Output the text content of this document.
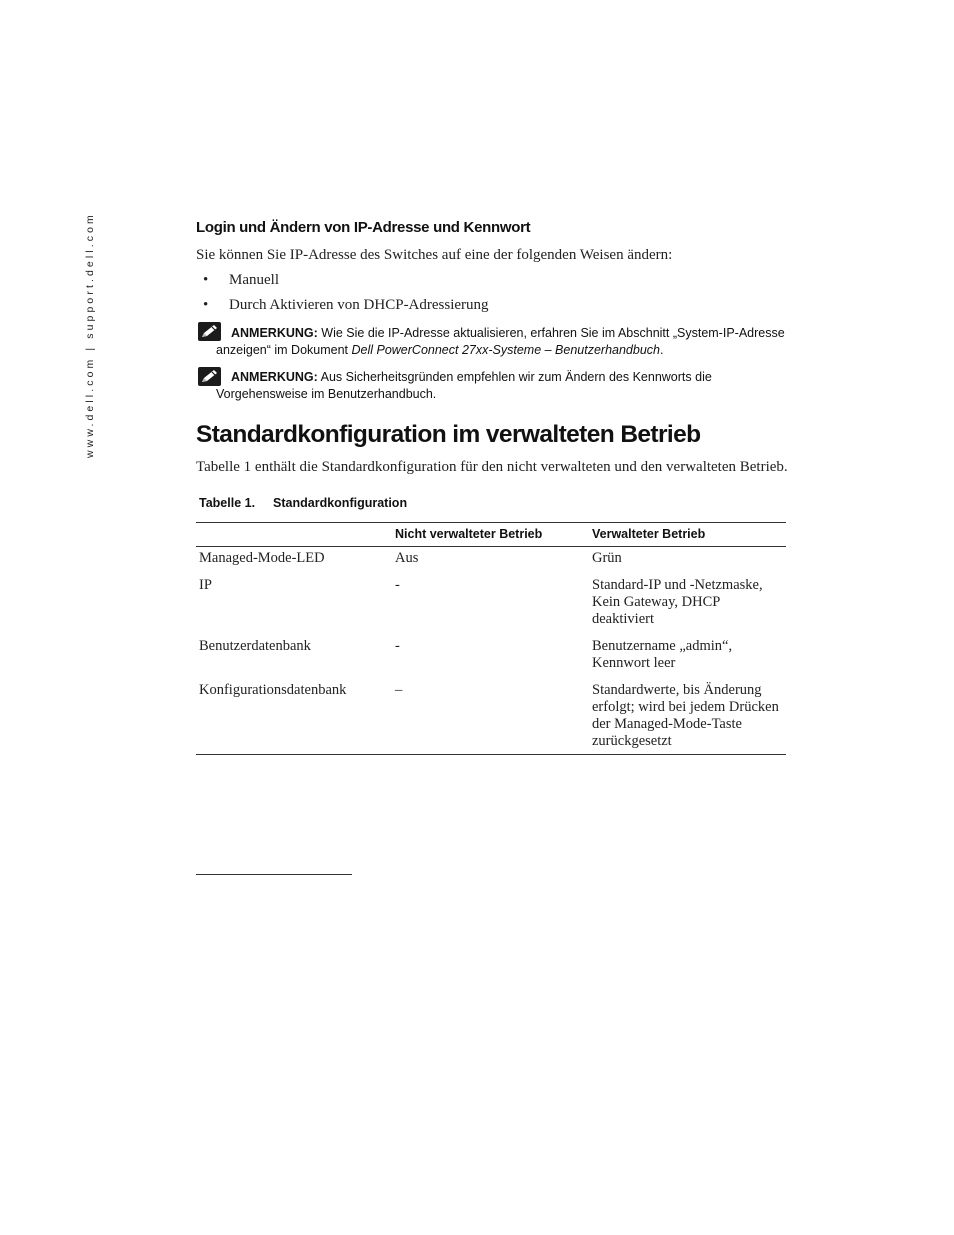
www.dell.com | support.dell.com	Login und Ändern von IP-Adresse und Kennwort
Sie können Sie IP-Adresse des Switches auf eine der folgenden Weisen ändern:
• Manuell
• Durch Aktivieren von DHCP-Adressierung
ANMERKUNG: Wie Sie die IP-Adresse aktualisieren, erfahren Sie im Abschnitt „System-IP-Adresse
anzeigen“ im Dokument Dell PowerConnect 27xx-Systeme – Benutzerhandbuch.
ANMERKUNG: Aus Sicherheitsgründen empfehlen wir zum Ändern des Kennworts die
Vorgehensweise im Benutzerhandbuch.
Standardkonfiguration im verwalteten Betrieb
Tabelle 1 enthält die Standardkonfiguration für den nicht verwalteten und den verwalteten Betrieb.
Tabelle 1. Standardkonfiguration
	Nicht verwalteter Betrieb	Verwalteter Betrieb
Managed-Mode-LED	Aus	Grün
IP	-	Standard-IP und -Netzmaske, Kein Gateway, DHCP deaktiviert
Benutzerdatenbank	-	Benutzername „admin“, Kennwort leer
Konfigurationsdatenbank	–	Standardwerte, bis Änderung erfolgt; wird bei jedem Drücken der Managed-Mode-Taste zurückgesetzt
